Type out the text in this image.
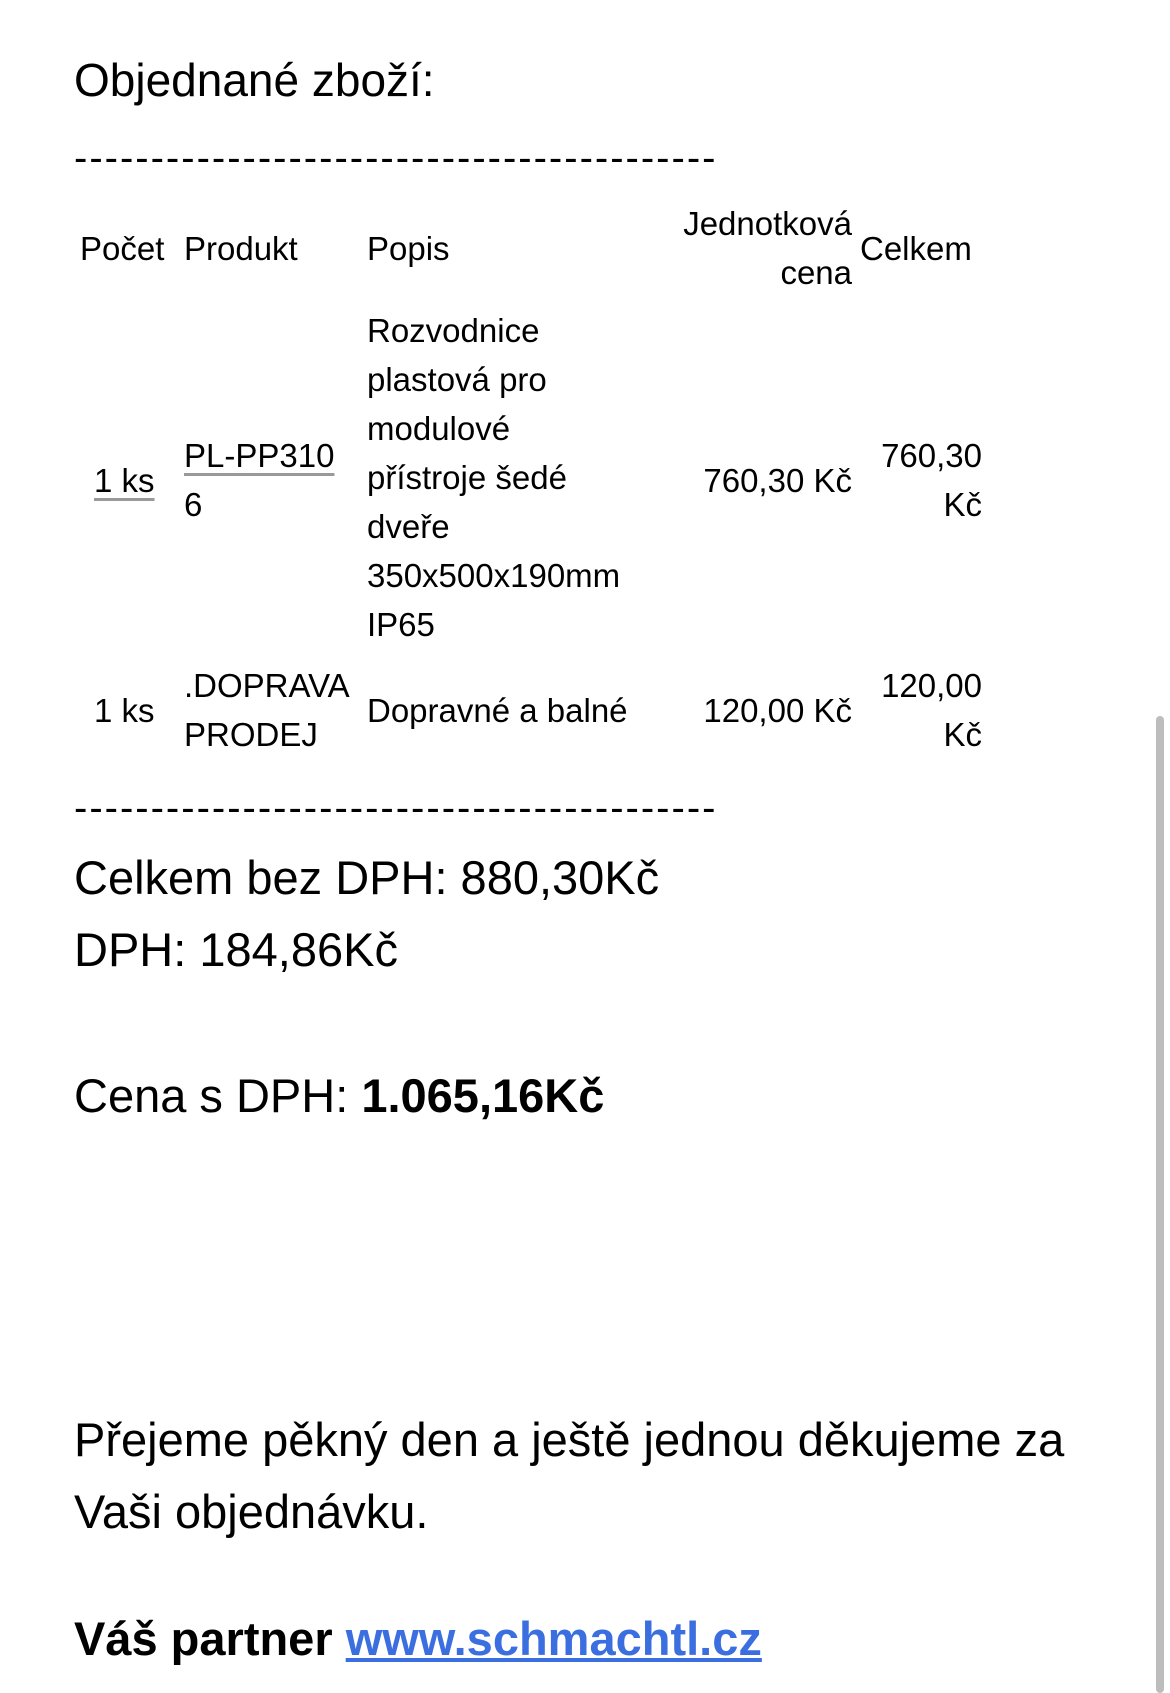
Objednané zboží:
------------------------------------------
Počet Produkt Popis
Jednotková
cena
Celkem
1 ks
PL-PP310
6
Rozvodnice
plastová pro
modulové
přístroje šedé
dveře
350x500x190mm
IP65
760,30 Kč
760,30
Kč
1 ks
.DOPRAVA
PRODEJ
Dopravné a balné	120,00 Kč
120,00
Kč
------------------------------------------
Celkem bez DPH: 880,30Kč
DPH: 184,86Kč
Cena s DPH: 1.065,16Kč
Přejeme pěkný den a ještě jednou děkujeme za Vaši objednávku.
Váš partner www.schmachtl.cz
